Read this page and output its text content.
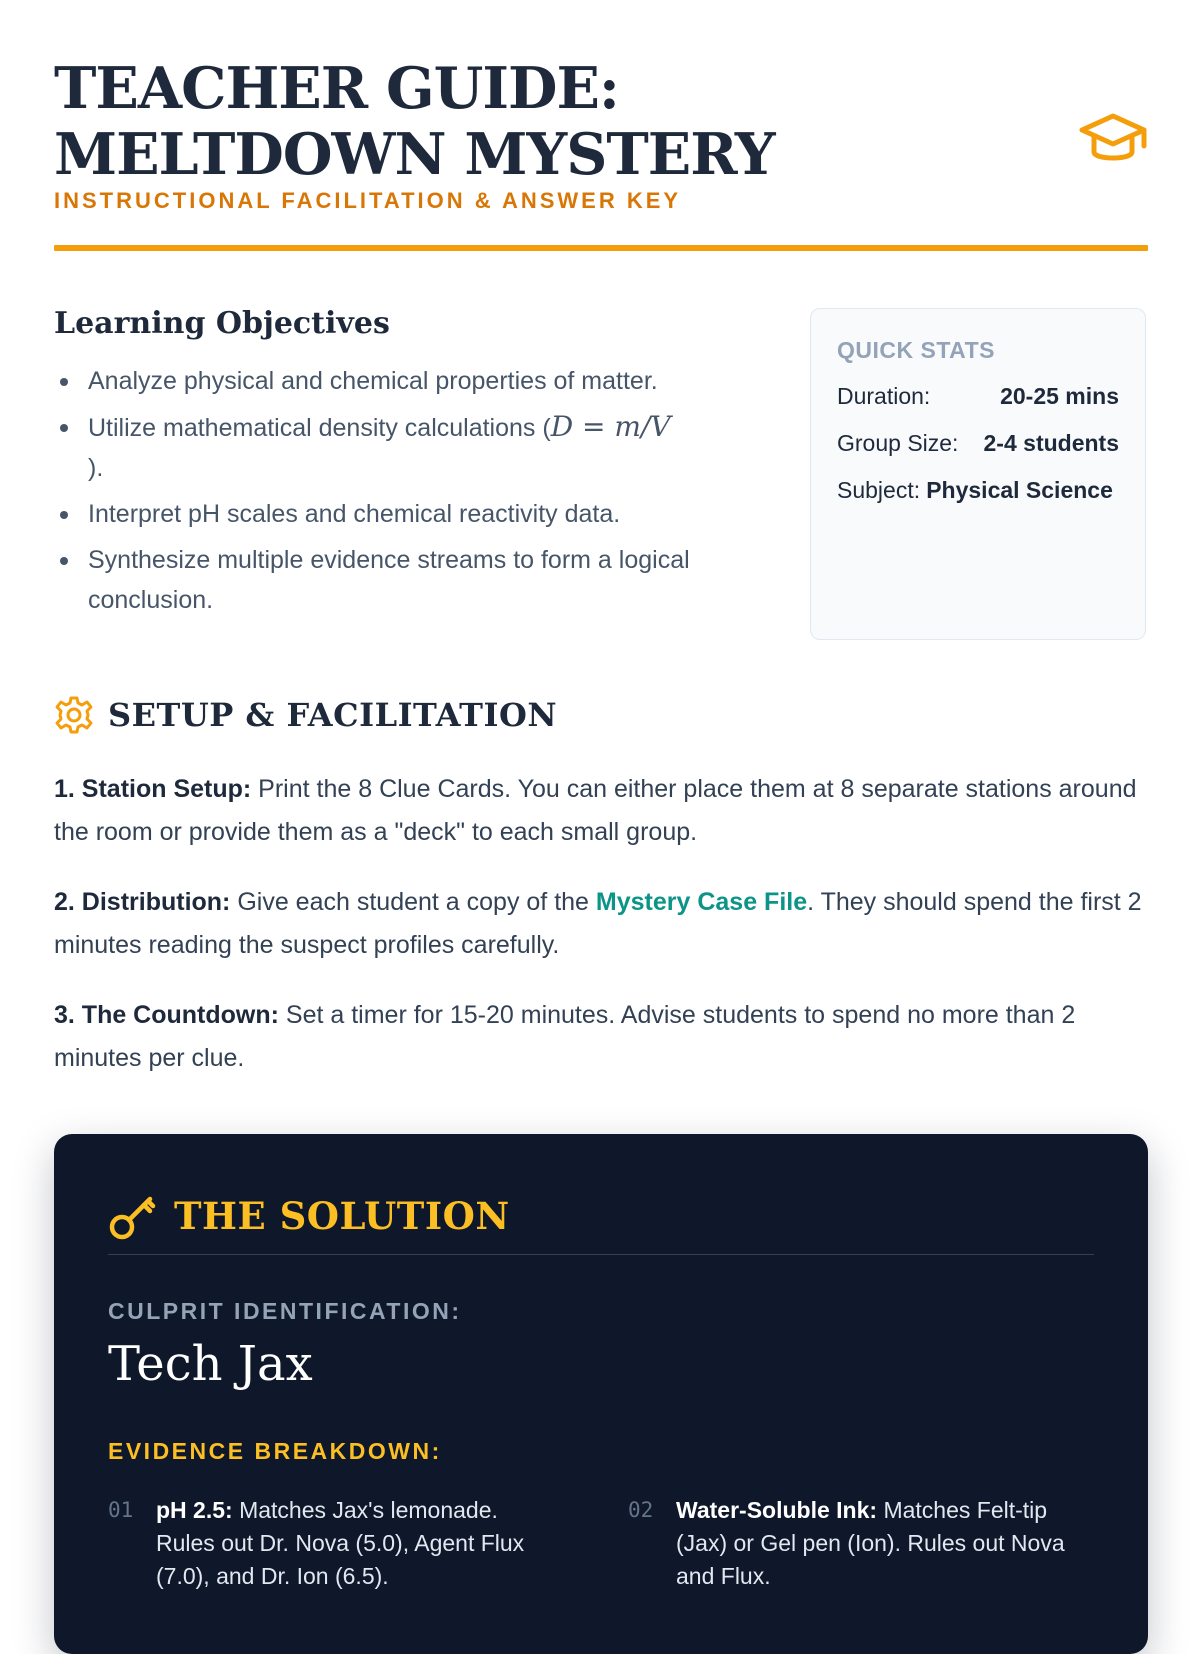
TEACHER GUIDE: MELTDOWN MYSTERY
INSTRUCTIONAL FACILITATION & ANSWER KEY
Learning Objectives
Analyze physical and chemical properties of matter.
Utilize mathematical density calculations (D = m/V
).
Interpret pH scales and chemical reactivity data.
Synthesize multiple evidence streams to form a logical conclusion.
QUICK STATS
Duration:	20-25 mins
Group Size:	2-4 students
Subject: Physical Science
SETUP & FACILITATION

1. Station Setup: Print the 8 Clue Cards. You can either place them at 8 separate stations around the room or provide them as a "deck" to each small group.

2. Distribution: Give each student a copy of the Mystery Case File. They should spend the first 2 minutes reading the suspect profiles carefully.

3. The Countdown: Set a timer for 15-20 minutes. Advise students to spend no more than 2 minutes per clue.

THE SOLUTION
CULPRIT IDENTIFICATION:
Tech Jax
EVIDENCE BREAKDOWN:
01 pH 2.5: Matches Jax's lemonade. Rules out Dr. Nova (5.0), Agent Flux (7.0), and Dr. Ion (6.5).
02 Water-Soluble Ink: Matches Felt-tip (Jax) or Gel pen (Ion). Rules out Nova and Flux.
